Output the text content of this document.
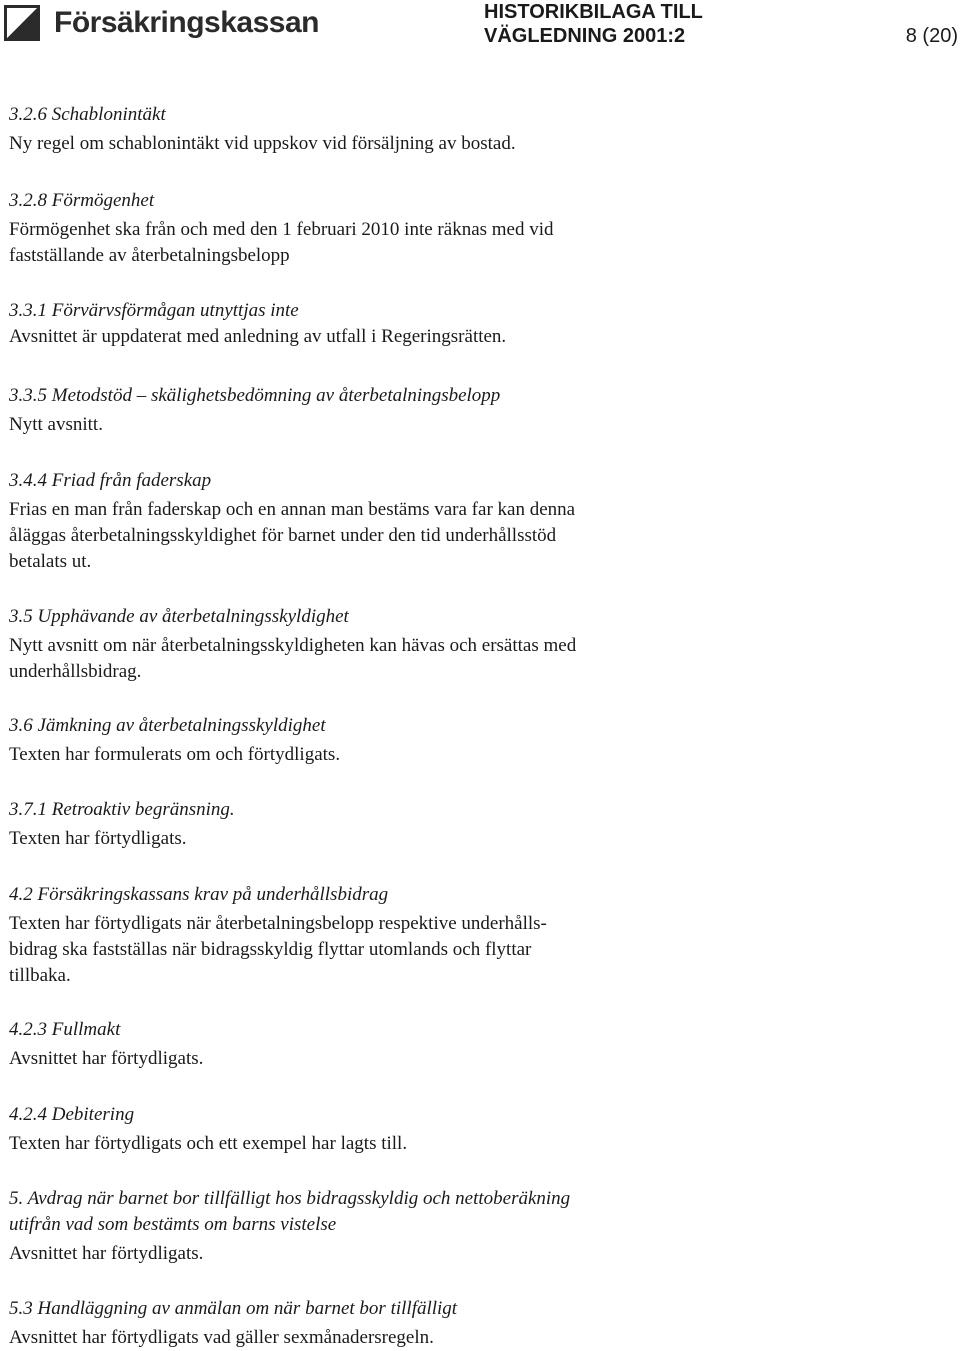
Försäkringskassan	HISTORIKBILAGA TILL
VÄGLEDNING 2001:2	8 (20)
3.2.6 Schablonintäkt
Ny regel om schablonintäkt vid uppskov vid försäljning av bostad.
3.2.8 Förmögenhet
Förmögenhet ska från och med den 1 februari 2010 inte räknas med vid
fastställande av återbetalningsbelopp
3.3.1 Förvärvsförmågan utnyttjas inte
Avsnittet är uppdaterat med anledning av utfall i Regeringsrätten.
3.3.5 Metodstöd – skälighetsbedömning av återbetalningsbelopp
Nytt avsnitt.
3.4.4 Friad från faderskap
Frias en man från faderskap och en annan man bestäms vara far kan denna
åläggas återbetalningsskyldighet för barnet under den tid underhållsstöd
betalats ut.
3.5 Upphävande av återbetalningsskyldighet
Nytt avsnitt om när återbetalningsskyldigheten kan hävas och ersättas med
underhållsbidrag.
3.6 Jämkning av återbetalningsskyldighet
Texten har formulerats om och förtydligats.
3.7.1 Retroaktiv begränsning.
Texten har förtydligats.
4.2 Försäkringskassans krav på underhållsbidrag
Texten har förtydligats när återbetalningsbelopp respektive underhålls-
bidrag ska fastställas när bidragsskyldig flyttar utomlands och flyttar
tillbaka.
4.2.3 Fullmakt
Avsnittet har förtydligats.
4.2.4 Debitering
Texten har förtydligats och ett exempel har lagts till.
5. Avdrag när barnet bor tillfälligt hos bidragsskyldig och nettoberäkning
utifrån vad som bestämts om barns vistelse
Avsnittet har förtydligats.
5.3 Handläggning av anmälan om när barnet bor tillfälligt
Avsnittet har förtydligats vad gäller sexmånadersregeln.
